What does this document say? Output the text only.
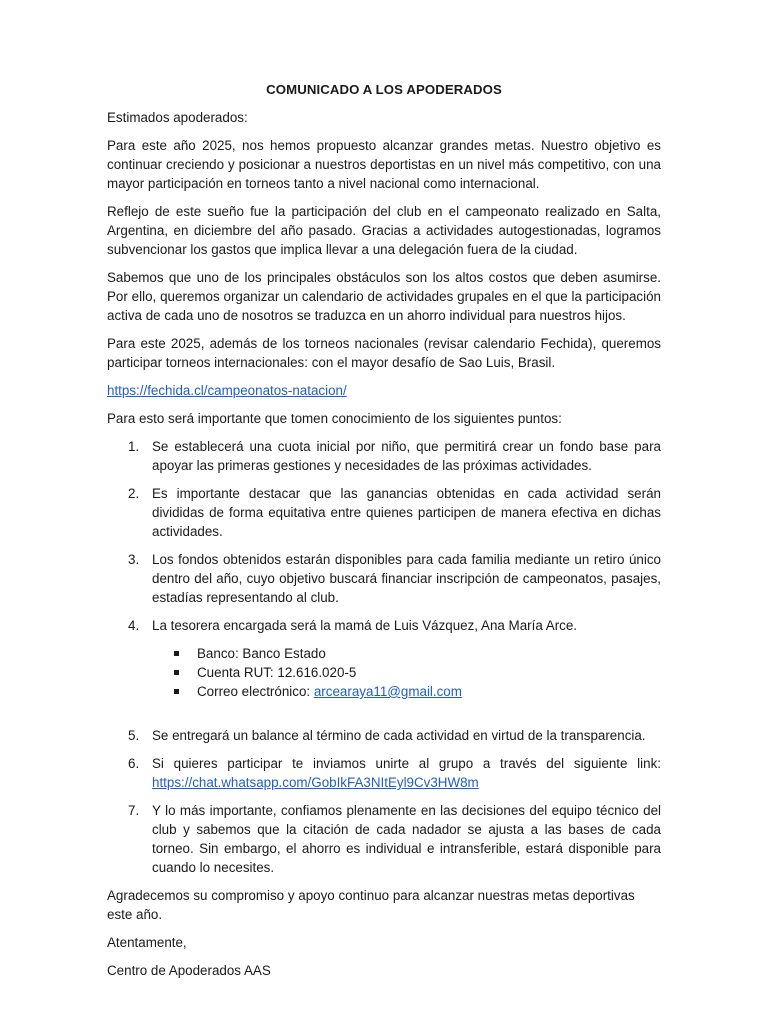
COMUNICADO A LOS APODERADOS

Estimados apoderados:

Para este año 2025, nos hemos propuesto alcanzar grandes metas. Nuestro objetivo es continuar creciendo y posicionar a nuestros deportistas en un nivel más competitivo, con una mayor participación en torneos tanto a nivel nacional como internacional.

Reflejo de este sueño fue la participación del club en el campeonato realizado en Salta, Argentina, en diciembre del año pasado. Gracias a actividades autogestionadas, logramos subvencionar los gastos que implica llevar a una delegación fuera de la ciudad.

Sabemos que uno de los principales obstáculos son los altos costos que deben asumirse. Por ello, queremos organizar un calendario de actividades grupales en el que la participación activa de cada uno de nosotros se traduzca en un ahorro individual para nuestros hijos.

Para este 2025, además de los torneos nacionales (revisar calendario Fechida), queremos participar torneos internacionales: con el mayor desafío de Sao Luis, Brasil.

https://fechida.cl/campeonatos-natacion/

Para esto será importante que tomen conocimiento de los siguientes puntos:

1. Se establecerá una cuota inicial por niño, que permitirá crear un fondo base para apoyar las primeras gestiones y necesidades de las próximas actividades.
2. Es importante destacar que las ganancias obtenidas en cada actividad serán divididas de forma equitativa entre quienes participen de manera efectiva en dichas actividades.
3. Los fondos obtenidos estarán disponibles para cada familia mediante un retiro único dentro del año, cuyo objetivo buscará financiar inscripción de campeonatos, pasajes, estadías representando al club.
4. La tesorera encargada será la mamá de Luis Vázquez, Ana María Arce.
Banco: Banco Estado
Cuenta RUT: 12.616.020-5
Correo electrónico: arcearaya11@gmail.com
5. Se entregará un balance al término de cada actividad en virtud de la transparencia.
6. Si quieres participar te inviamos unirte al grupo a través del siguiente link: https://chat.whatsapp.com/GobIkFA3NItEyl9Cv3HW8m
7. Y lo más importante, confiamos plenamente en las decisiones del equipo técnico del club y sabemos que la citación de cada nadador se ajusta a las bases de cada torneo. Sin embargo, el ahorro es individual e intransferible, estará disponible para cuando lo necesites.

Agradecemos su compromiso y apoyo continuo para alcanzar nuestras metas deportivas este año.

Atentamente,

Centro de Apoderados AAS
